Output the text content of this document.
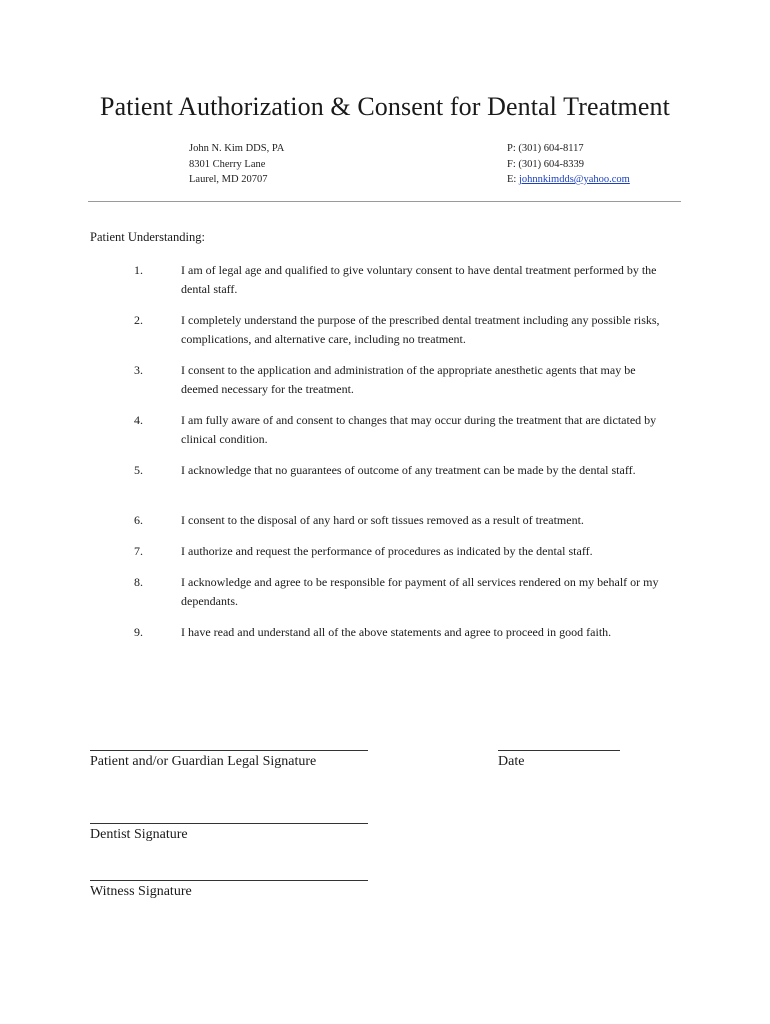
Patient Authorization & Consent for Dental Treatment
John N. Kim DDS, PA
8301 Cherry Lane
Laurel, MD 20707
P: (301) 604-8117
F: (301) 604-8339
E: johnnkimdds@yahoo.com
Patient Understanding:
1.	I am of legal age and qualified to give voluntary consent to have dental treatment performed by the dental staff.
2.	I completely understand the purpose of the prescribed dental treatment including any possible risks, complications, and alternative care, including no treatment.
3.	I consent to the application and administration of the appropriate anesthetic agents that may be deemed necessary for the treatment.
4.	I am fully aware of and consent to changes that may occur during the treatment that are dictated by clinical condition.
5.	I acknowledge that no guarantees of outcome of any treatment can be made by the dental staff.
6.	I consent to the disposal of any hard or soft tissues removed as a result of treatment.
7.	I authorize and request the performance of procedures as indicated by the dental staff.
8.	I acknowledge and agree to be responsible for payment of all services rendered on my behalf or my dependants.
9.	I have read and understand all of the above statements and agree to proceed in good faith.
Patient and/or Guardian Legal Signature	Date
Dentist Signature
Witness Signature
